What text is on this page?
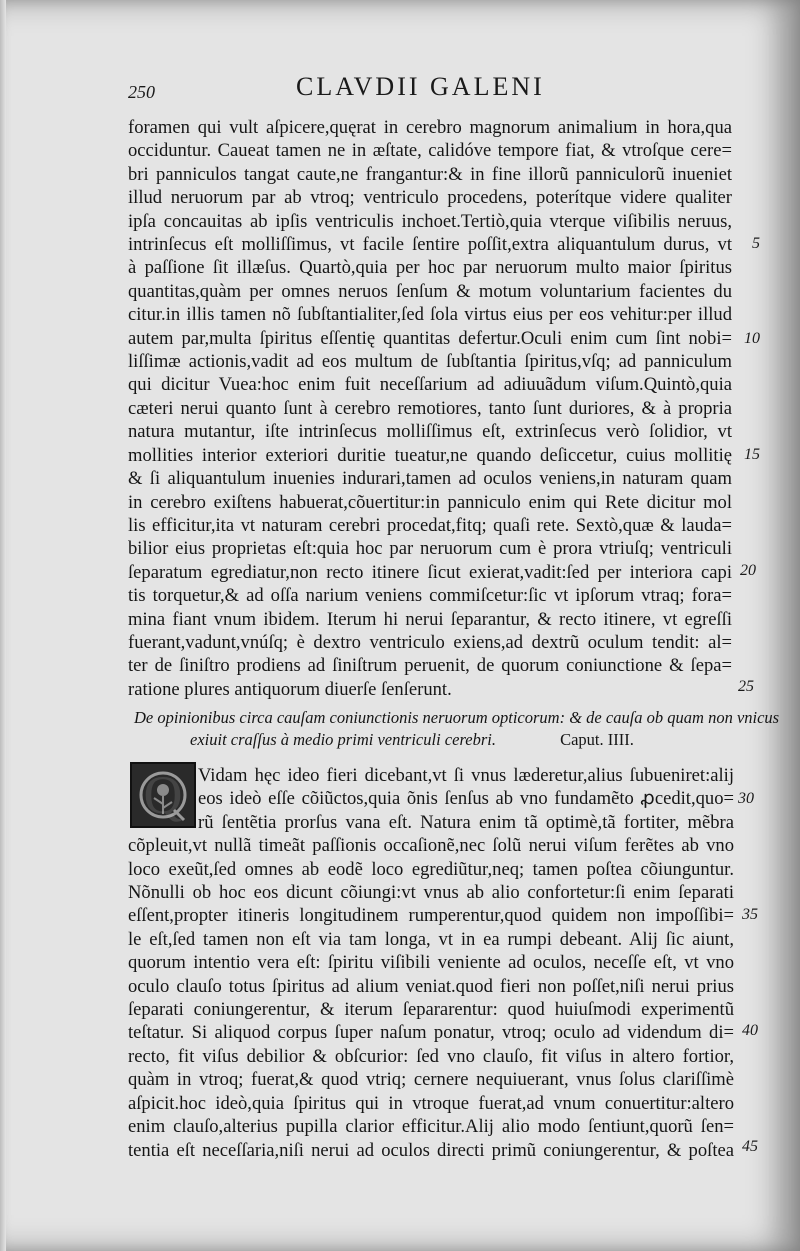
250	CLAVDII GALENI
foramen qui vult aſpicere,quęrat in cerebro magnorum animalium in hora,qua
occiduntur. Caueat tamen ne in æſtate, calidóve tempore fiat, & vtroſque cere=
bri panniculos tangat caute,ne frangantur:& in fine illorũ panniculorũ inueniet
illud neruorum par ab vtroq; ventriculo procedens, poterítque videre qualiter
ipſa concauitas ab ipſis ventriculis inchoet.Tertiò,quia vterque viſibilis neruus,
intrinſecus eſt molliſſimus, vt facile ſentire poſſit,extra aliquantulum durus, vt
à paſſione ſit illæſus. Quartò,quia per hoc par neruorum multo maior ſpiritus
quantitas,quàm per omnes neruos ſenſum & motum voluntarium facientes du
citur.in illis tamen nõ ſubſtantialiter,ſed ſola virtus eius per eos vehitur:per illud
autem par,multa ſpiritus eſſentię quantitas defertur.Oculi enim cum ſint nobi=
liſſimæ actionis,vadit ad eos multum de ſubſtantia ſpiritus,vſq; ad panniculum
qui dicitur Vuea:hoc enim fuit neceſſarium ad adiuuãdum viſum.Quintò,quia
cæteri nerui quanto ſunt à cerebro remotiores, tanto ſunt duriores, & à propria
natura mutantur, iſte intrinſecus molliſſimus eſt, extrinſecus verò ſolidior, vt
mollities interior exteriori duritie tueatur,ne quando deſiccetur, cuius mollitię
& ſi aliquantulum inuenies indurari,tamen ad oculos veniens,in naturam quam
in cerebro exiſtens habuerat,cõuertitur:in panniculo enim qui Rete dicitur mol
lis efficitur,ita vt naturam cerebri procedat,fitq; quaſi rete. Sextò,quæ & lauda=
bilior eius proprietas eſt:quia hoc par neruorum cum è prora vtriuſq; ventriculi
ſeparatum egrediatur,non recto itinere ſicut exierat,vadit:ſed per interiora capi
tis torquetur,& ad oſſa narium veniens commiſcetur:ſic vt ipſorum vtraq; fora=
mina fiant vnum ibidem. Iterum hi nerui ſeparantur, & recto itinere, vt egreſſi
fuerant,vadunt,vnúſq; è dextro ventriculo exiens,ad dextrũ oculum tendit: al=
ter de ſiniſtro prodiens ad ſiniſtrum peruenit, de quorum coniunctione & ſepa=
ratione plures antiquorum diuerſe ſenſerunt.
5
10
15
20
25
De opinionibus circa cauſam coniunctionis neruorum opticorum: & de cauſa ob quam non vnicus
exiuit craſſus à medio primi ventriculi cerebri.	Caput. IIII.
Q Vidam hęc ideo fieri dicebant,vt ſi vnus læderetur,alius ſubueniret:alij
eos ideò eſſe cõiũctos,quia õnis ſenſus ab vno fundamẽto ꝓcedit,quo=
rũ ſentẽtia prorſus vana eſt. Natura enim tã optimè,tã fortiter, mẽbra
cõpleuit,vt nullã timeãt paſſionis occaſionẽ,nec ſolũ nerui viſum ferẽtes ab vno
loco exeũt,ſed omnes ab eodẽ loco egrediũtur,neq; tamen poſtea cõiunguntur.
Nõnulli ob hoc eos dicunt cõiungi:vt vnus ab alio confortetur:ſi enim ſeparati
eſſent,propter itineris longitudinem rumperentur,quod quidem non impoſſibi=
le eſt,ſed tamen non eſt via tam longa, vt in ea rumpi debeant. Alij ſic aiunt,
quorum intentio vera eſt: ſpiritu viſibili veniente ad oculos, neceſſe eſt, vt vno
oculo clauſo totus ſpiritus ad alium veniat.quod fieri non poſſet,niſi nerui prius
ſeparati coniungerentur, & iterum ſepararentur: quod huiuſmodi experimentũ
teſtatur. Si aliquod corpus ſuper naſum ponatur, vtroq; oculo ad videndum di=
recto, fit viſus debilior & obſcurior: ſed vno clauſo, fit viſus in altero fortior,
quàm in vtroq; fuerat,& quod vtriq; cernere nequiuerant, vnus ſolus clariſſimè
aſpicit.hoc ideò,quia ſpiritus qui in vtroque fuerat,ad vnum conuertitur:altero
enim clauſo,alterius pupilla clarior efficitur.Alij alio modo ſentiunt,quorũ ſen=
tentia eſt neceſſaria,niſi nerui ad oculos directi primũ coniungerentur, & poſtea
30
35
40
45
